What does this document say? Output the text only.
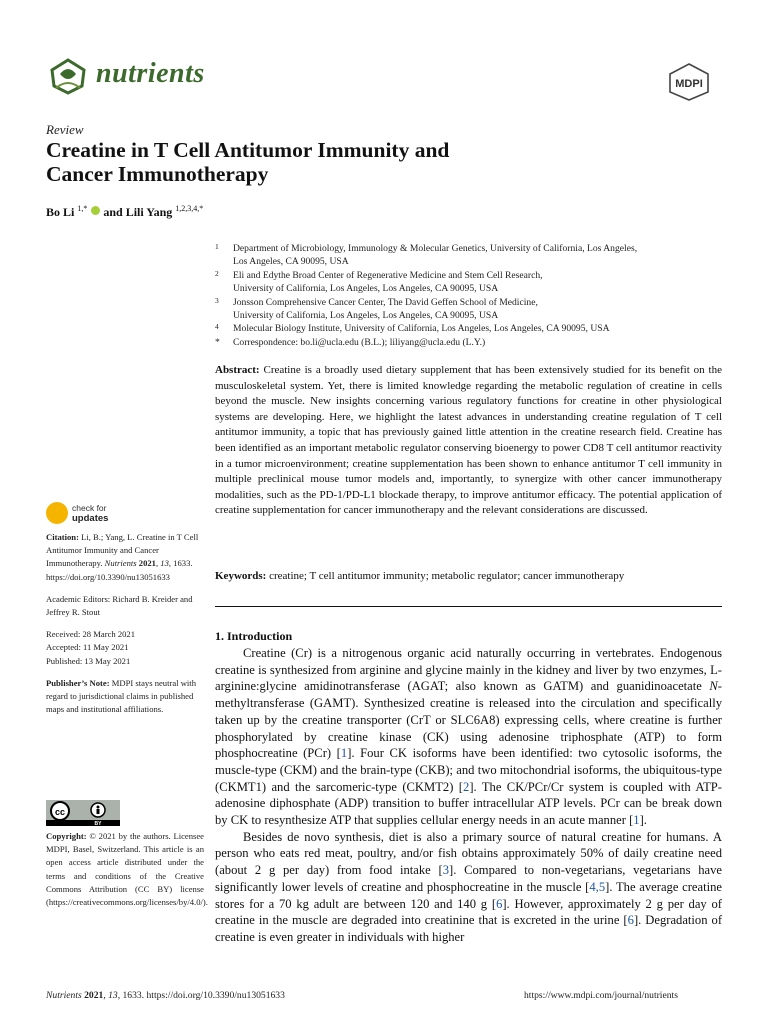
nutrients	MDPI
Review
Creatine in T Cell Antitumor Immunity and
Cancer Immunotherapy
Bo Li $^{1,*}$  and Lili Yang $^{1,2,3,4,*}$
1 Department of Microbiology, Immunology & Molecular Genetics, University of California, Los Angeles,
Los Angeles, CA 90095, USA
2 Eli and Edythe Broad Center of Regenerative Medicine and Stem Cell Research,
University of California, Los Angeles, Los Angeles, CA 90095, USA
3 Jonsson Comprehensive Cancer Center, The David Geffen School of Medicine,
University of California, Los Angeles, Los Angeles, CA 90095, USA
4 Molecular Biology Institute, University of California, Los Angeles, Los Angeles, CA 90095, USA
* Correspondence: bo.li@ucla.edu (B.L.); liliyang@ucla.edu (L.Y.)
Abstract: Creatine is a broadly used dietary supplement that has been extensively studied for its benefit on the musculoskeletal system. Yet, there is limited knowledge regarding the metabolic regulation of creatine in cells beyond the muscle. New insights concerning various regulatory functions for creatine in other physiological systems are developing. Here, we highlight the latest advances in understanding creatine regulation of T cell antitumor immunity, a topic that has previously gained little attention in the creatine research field. Creatine has been identified as an important metabolic regulator conserving bioenergy to power CD8 T cell antitumor reactivity in a tumor microenvironment; creatine supplementation has been shown to enhance antitumor T cell immunity in multiple preclinical mouse tumor models and, importantly, to synergize with other cancer immunotherapy modalities, such as the PD-1/PD-L1 blockade therapy, to improve antitumor efficacy. The potential application of creatine supplementation for cancer immunotherapy and the relevant considerations are discussed.
Keywords: creatine; T cell antitumor immunity; metabolic regulator; cancer immunotherapy
1. Introduction

Creatine (Cr) is a nitrogenous organic acid naturally occurring in vertebrates. Endogenous creatine is synthesized from arginine and glycine mainly in the kidney and liver by two enzymes, L-arginine:glycine amidinotransferase (AGAT; also known as GATM) and guanidinoacetate N-methyltransferase (GAMT). Synthesized creatine is released into the circulation and specifically taken up by the creatine transporter (CrT or SLC6A8) expressing cells, where creatine is further phosphorylated by creatine kinase (CK) using adenosine triphosphate (ATP) to form phosphocreatine (PCr) [1]. Four CK isoforms have been identified: two cytosolic isoforms, the muscle-type (CKM) and the brain-type (CKB); and two mitochondrial isoforms, the ubiquitous-type (CKMT1) and the sarcomeric-type (CKMT2) [2]. The CK/PCr/Cr system is coupled with ATP-adenosine diphosphate (ADP) transition to buffer intracellular ATP levels. PCr can be break down by CK to resynthesize ATP that supplies cellular energy needs in an acute manner [1].

Besides de novo synthesis, diet is also a primary source of natural creatine for humans. A person who eats red meat, poultry, and/or fish obtains approximately 50% of daily creatine need (about 2 g per day) from food intake [3]. Compared to non-vegetarians, vegetarians have significantly lower levels of creatine and phosphocreatine in the muscle [4,5]. The average creatine stores for a 70 kg adult are between 120 and 140 g [6]. However, approximately 2 g per day of creatine in the muscle are degraded into creatinine that is excreted in the urine [6]. Degradation of creatine is even greater in individuals with higher

check for
updates

Citation: Li, B.; Yang, L. Creatine in T Cell Antitumor Immunity and Cancer Immunotherapy. Nutrients 2021, 13, 1633. https://doi.org/10.3390/nu13051633

Academic Editors: Richard B. Kreider and Jeffrey R. Stout

Received: 28 March 2021

Accepted: 11 May 2021

Published: 13 May 2021

Publisher’s Note: MDPI stays neutral with regard to jurisdictional claims in published maps and institutional affiliations.

cc
BY
Copyright: © 2021 by the authors. Licensee MDPI, Basel, Switzerland. This article is an open access article distributed under the terms and conditions of the Creative Commons Attribution (CC BY) license (https://creativecommons.org/licenses/by/4.0/).
Nutrients 2021, 13, 1633. https://doi.org/10.3390/nu13051633	https://www.mdpi.com/journal/nutrients
